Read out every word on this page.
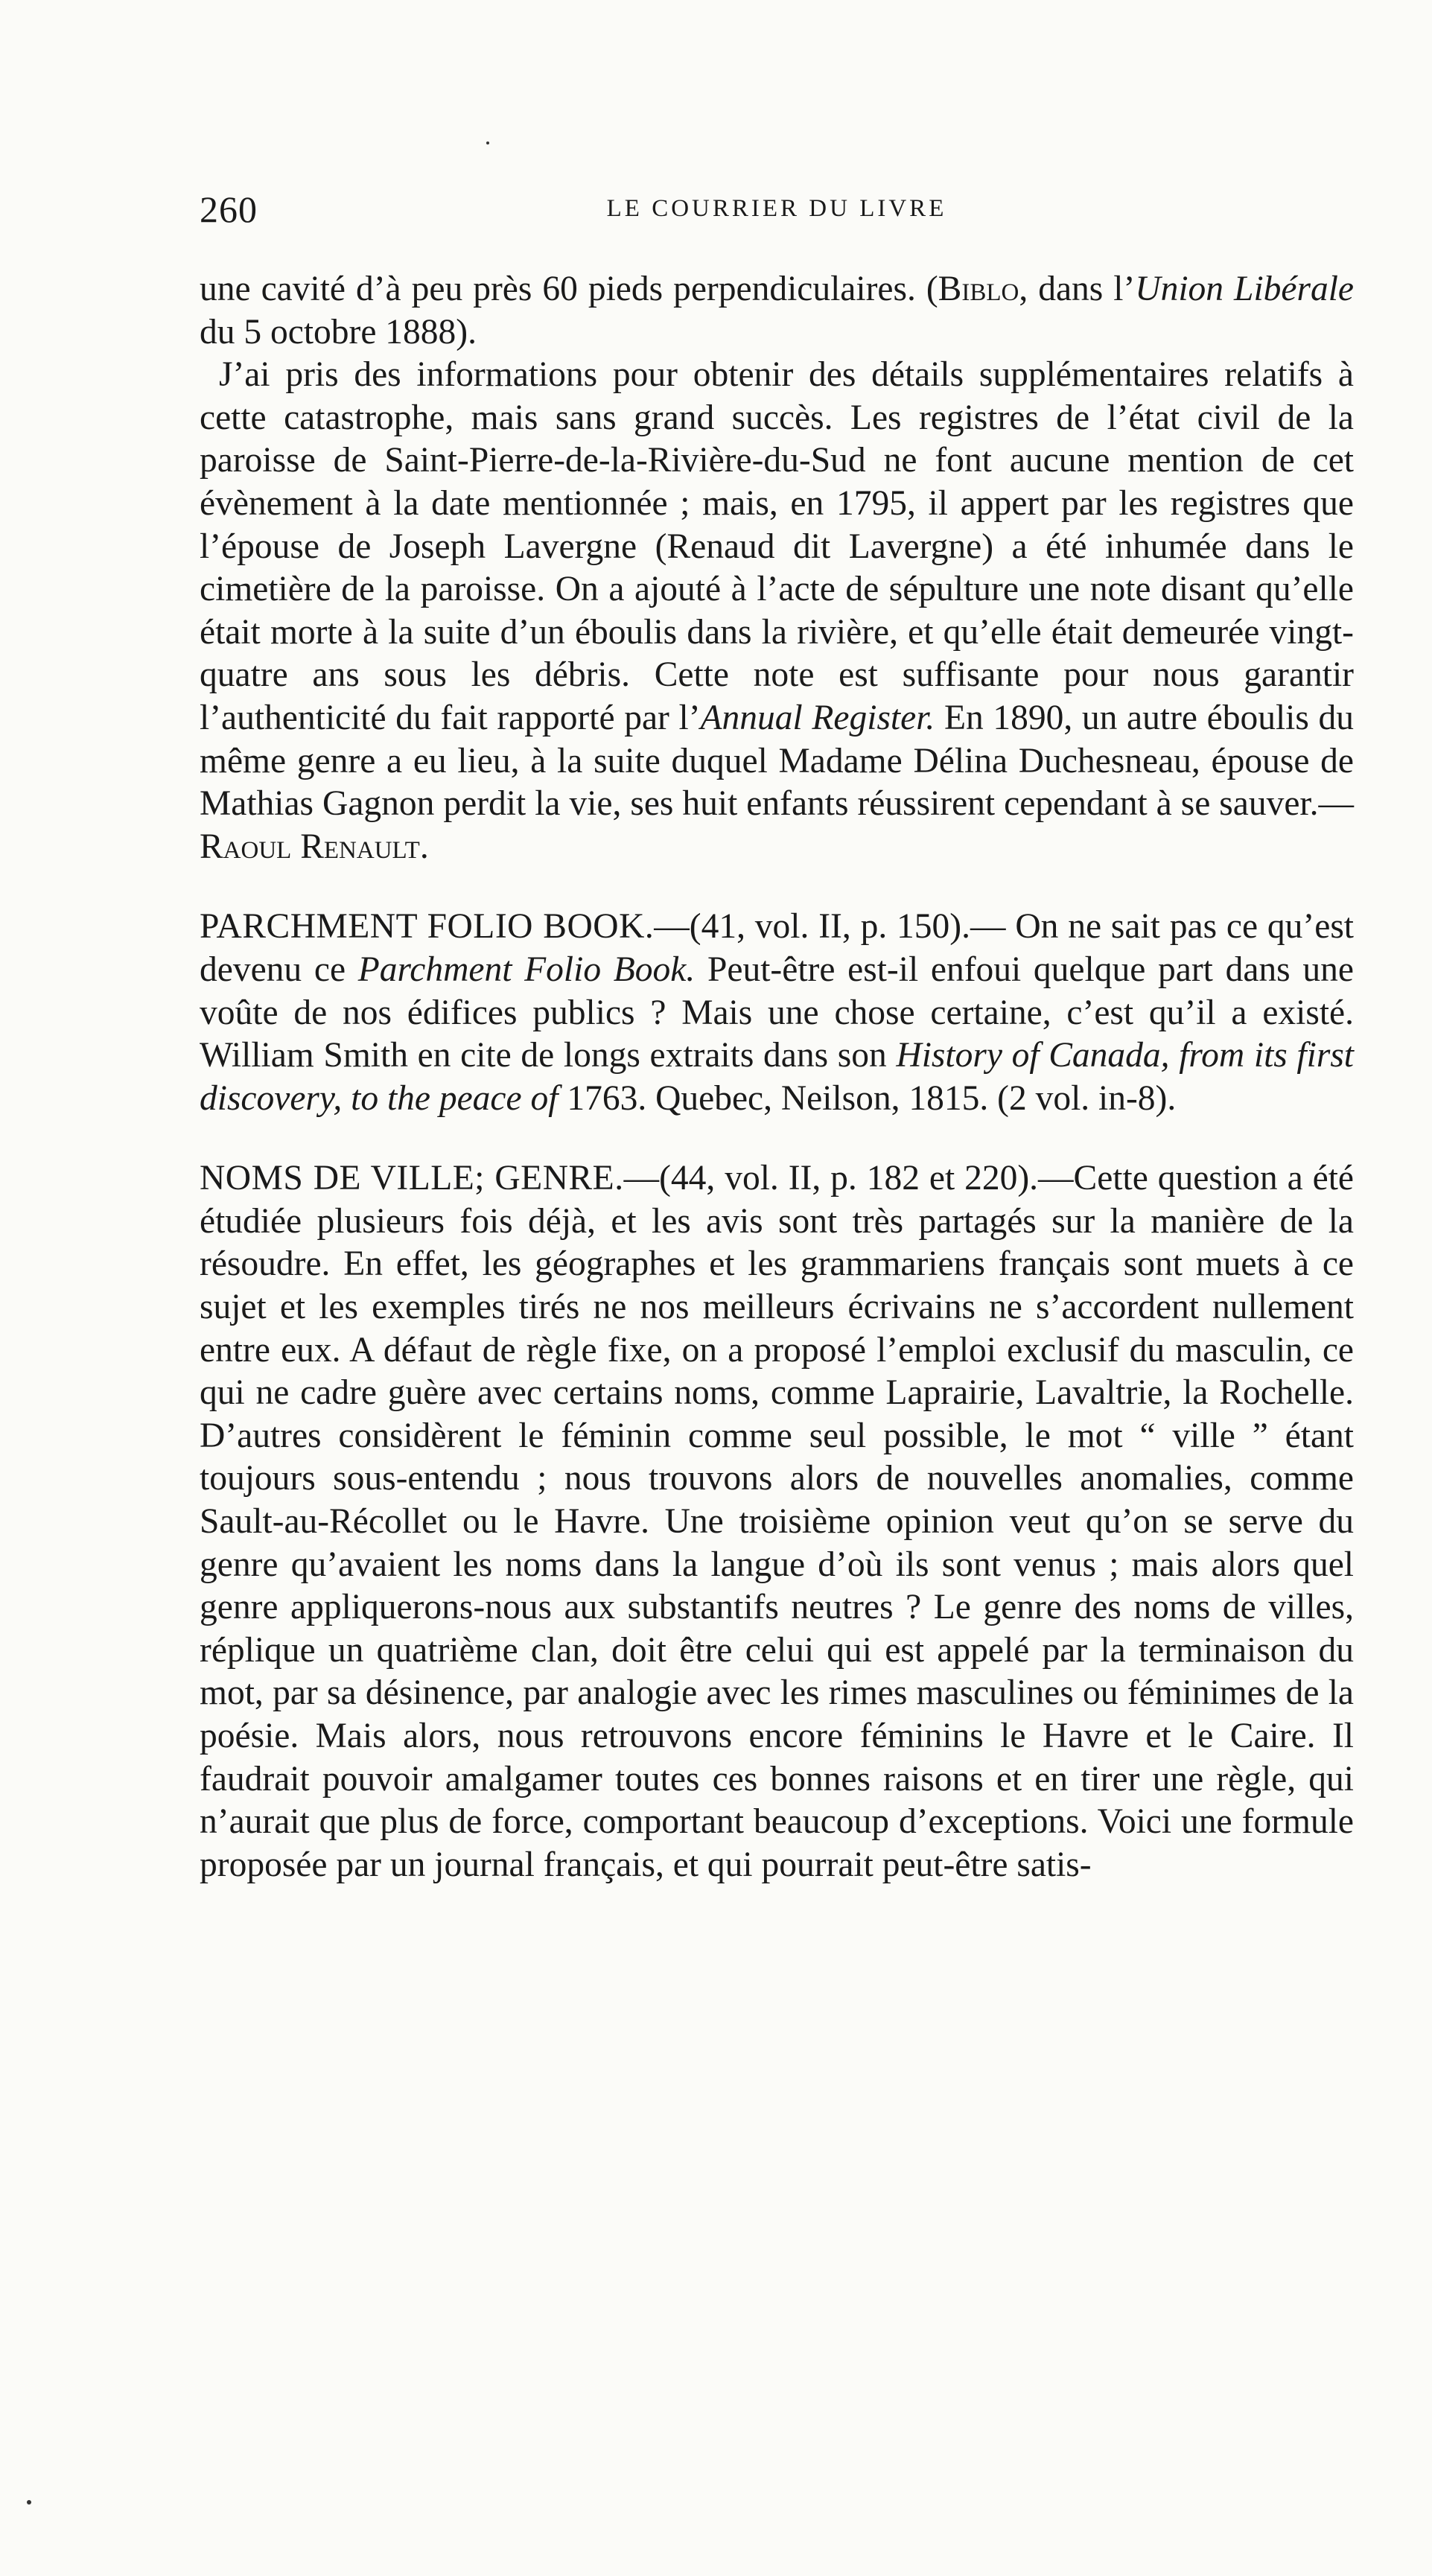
260	LE COURRIER DU LIVRE

une cavité d’à peu près 60 pieds perpendiculaires. (Biblo, dans l’Union Libérale du 5 octobre 1888).

J’ai pris des informations pour obtenir des détails supplémentaires relatifs à cette catastrophe, mais sans grand succès. Les registres de l’état civil de la paroisse de Saint-Pierre-de-la-Rivière-du-Sud ne font aucune mention de cet évènement à la date mentionnée ; mais, en 1795, il appert par les registres que l’épouse de Joseph Lavergne (Renaud dit Lavergne) a été inhumée dans le cimetière de la paroisse. On a ajouté à l’acte de sépulture une note disant qu’elle était morte à la suite d’un éboulis dans la rivière, et qu’elle était demeurée vingt-quatre ans sous les débris. Cette note est suffisante pour nous garantir l’authenticité du fait rapporté par l’Annual Register. En 1890, un autre éboulis du même genre a eu lieu, à la suite duquel Madame Délina Duchesneau, épouse de Mathias Gagnon perdit la vie, ses huit enfants réussirent cependant à se sauver.—Raoul Renault.

PARCHMENT FOLIO BOOK.—(41, vol. II, p. 150).— On ne sait pas ce qu’est devenu ce Parchment Folio Book. Peut-être est-il enfoui quelque part dans une voûte de nos édifices publics ? Mais une chose certaine, c’est qu’il a existé. William Smith en cite de longs extraits dans son History of Canada, from its first discovery, to the peace of 1763. Quebec, Neilson, 1815. (2 vol. in-8).

NOMS DE VILLE; GENRE.—(44, vol. II, p. 182 et 220).—Cette question a été étudiée plusieurs fois déjà, et les avis sont très partagés sur la manière de la résoudre. En effet, les géographes et les grammariens français sont muets à ce sujet et les exemples tirés ne nos meilleurs écrivains ne s’accordent nullement entre eux. A défaut de règle fixe, on a proposé l’emploi exclusif du masculin, ce qui ne cadre guère avec certains noms, comme Laprairie, Lavaltrie, la Rochelle. D’autres considèrent le féminin comme seul possible, le mot “ ville ” étant toujours sous-entendu ; nous trouvons alors de nouvelles anomalies, comme Sault-au-Récollet ou le Havre. Une troisième opinion veut qu’on se serve du genre qu’avaient les noms dans la langue d’où ils sont venus ; mais alors quel genre appliquerons-nous aux substantifs neutres ? Le genre des noms de villes, réplique un quatrième clan, doit être celui qui est appelé par la terminaison du mot, par sa désinence, par analogie avec les rimes masculines ou féminimes de la poésie. Mais alors, nous retrouvons encore féminins le Havre et le Caire. Il faudrait pouvoir amalgamer toutes ces bonnes raisons et en tirer une règle, qui n’aurait que plus de force, comportant beaucoup d’exceptions. Voici une formule proposée par un journal français, et qui pourrait peut-être satis-
